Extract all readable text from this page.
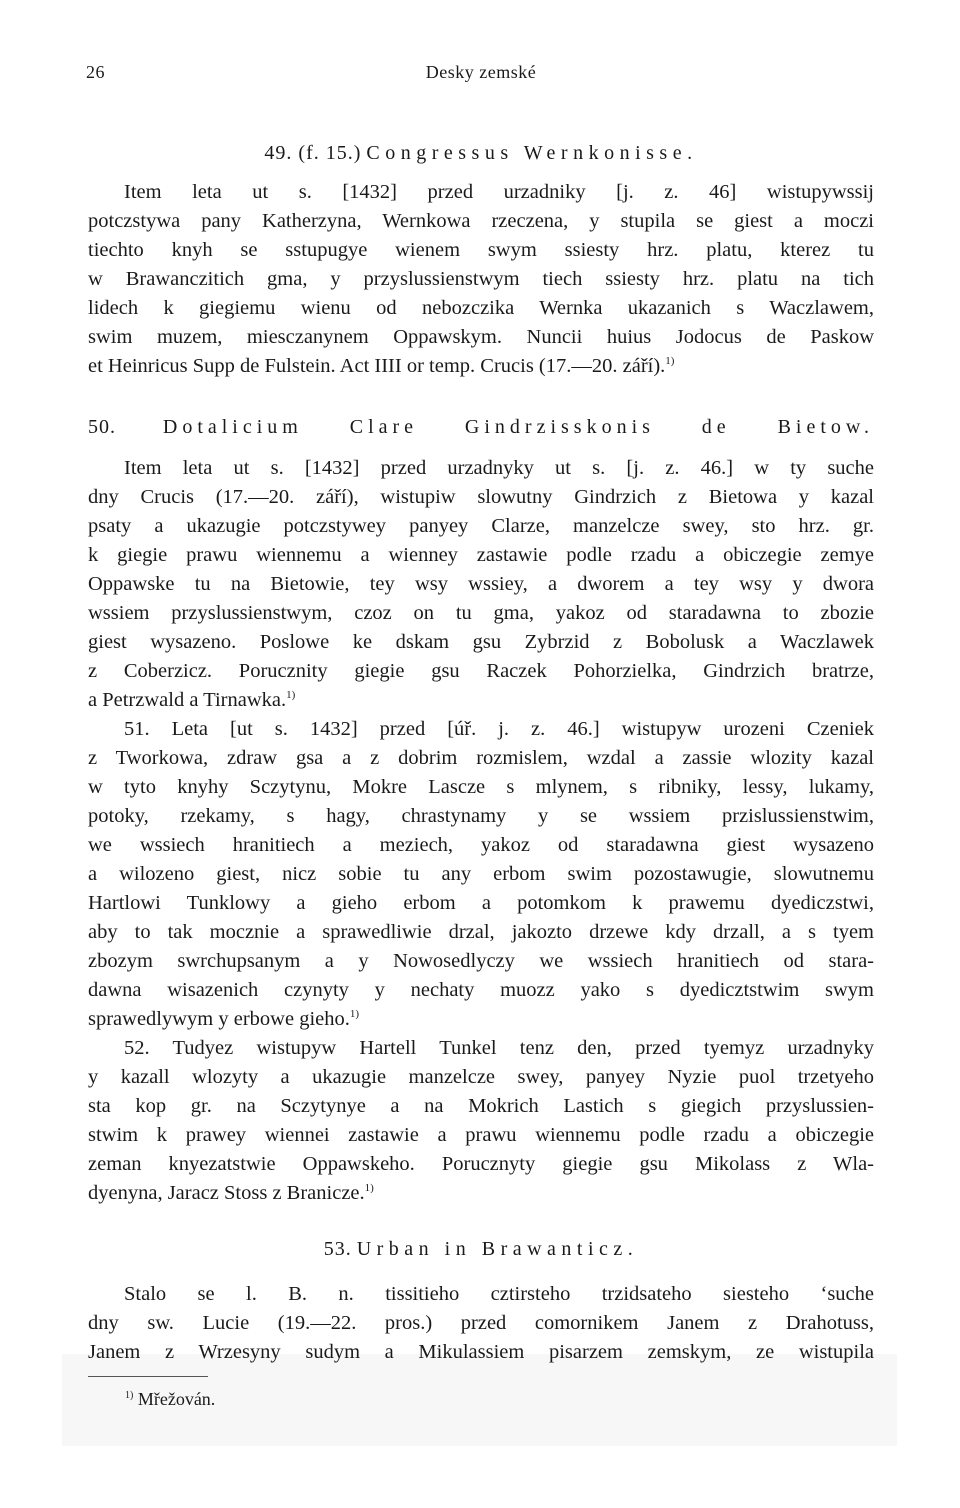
26	Desky zemské
49. (f. 15.) Congressus Wernkonisse.
Item leta ut s. [1432] przed urzadniky [j. z. 46] wistupywssij
potczstywa pany Katherzyna, Wernkowa rzeczena, y stupila se giest a moczi
tiechto knyh se sstupugye wienem swym ssiesty hrz. platu, kterez tu
w Brawanczitich gma, y przyslussienstwym tiech ssiesty hrz. platu na tich
lidech k giegiemu wienu od nebozczika Wernka ukazanich s Waczlawem,
swim muzem, miesczanynem Oppawskym. Nuncii huius Jodocus de Paskow
et Heinricus Supp de Fulstein. Act IIII or temp. Crucis (17.—20. září).$^{1)}$
50. Dotalicium Clare Gindrzisskonis de Bietow.
Item leta ut s. [1432] przed urzadnyky ut s. [j. z. 46.] w ty suche
dny Crucis (17.—20. září), wistupiw slowutny Gindrzich z Bietowa y kazal
psaty a ukazugie potczstywey panyey Clarze, manzelcze swey, sto hrz. gr.
k giegie prawu wiennemu a wienney zastawie podle rzadu a obiczegie zemye
Oppawske tu na Bietowie, tey wsy wssiey, a dworem a tey wsy y dwora
wssiem przyslussienstwym, czoz on tu gma, yakoz od staradawna to zbozie
giest wysazeno. Poslowe ke dskam gsu Zybrzid z Bobolusk a Waczlawek
z Coberzicz. Porucznity giegie gsu Raczek Pohorzielka, Gindrzich bratrze,
a Petrzwald a Tirnawka.$^{1)}$
51. Leta [ut s. 1432] przed [úř. j. z. 46.] wistupyw urozeni Czeniek
z Tworkowa, zdraw gsa a z dobrim rozmislem, wzdal a zassie wlozity kazal
w tyto knyhy Sczytynu, Mokre Lascze s mlynem, s ribniky, lessy, lukamy,
potoky, rzekamy, s hagy, chrastynamy y se wssiem przislussienstwim,
we wssiech hranitiech a meziech, yakoz od staradawna giest wysazeno
a wilozeno giest, nicz sobie tu any erbom swim pozostawugie, slowutnemu
Hartlowi Tunklowy a gieho erbom a potomkom k prawemu dyediczstwi,
aby to tak mocznie a sprawedliwie drzal, jakozto drzewe kdy drzall, a s tyem
zbozym swrchupsanym a y Nowosedlyczy we wssiech hranitiech od stara-
dawna wisazenich czynyty y nechaty muozz yako s dyedicztstwim swym
sprawedlywym y erbowe gieho.$^{1)}$
52. Tudyez wistupyw Hartell Tunkel tenz den, przed tyemyz urzadnyky
y kazall wlozyty a ukazugie manzelcze swey, panyey Nyzie puol trzetyeho
sta kop gr. na Sczytynye a na Mokrich Lastich s giegich przyslussien-
stwim k prawey wiennei zastawie a prawu wiennemu podle rzadu a obiczegie
zeman knyezatstwie Oppawskeho. Porucznyty giegie gsu Mikolass z Wla-
dyenyna, Jaracz Stoss z Branicze.$^{1)}$
53. Urban in Brawanticz.
Stalo se l. B. n. tissitieho cztirsteho trzidsateho siesteho ‘suche
dny sw. Lucie (19.—22. pros.) przed comornikem Janem z Drahotuss,
Janem z Wrzesyny sudym a Mikulassiem pisarzem zemskym, ze wistupila
$^{1)}$ Mřežován.
